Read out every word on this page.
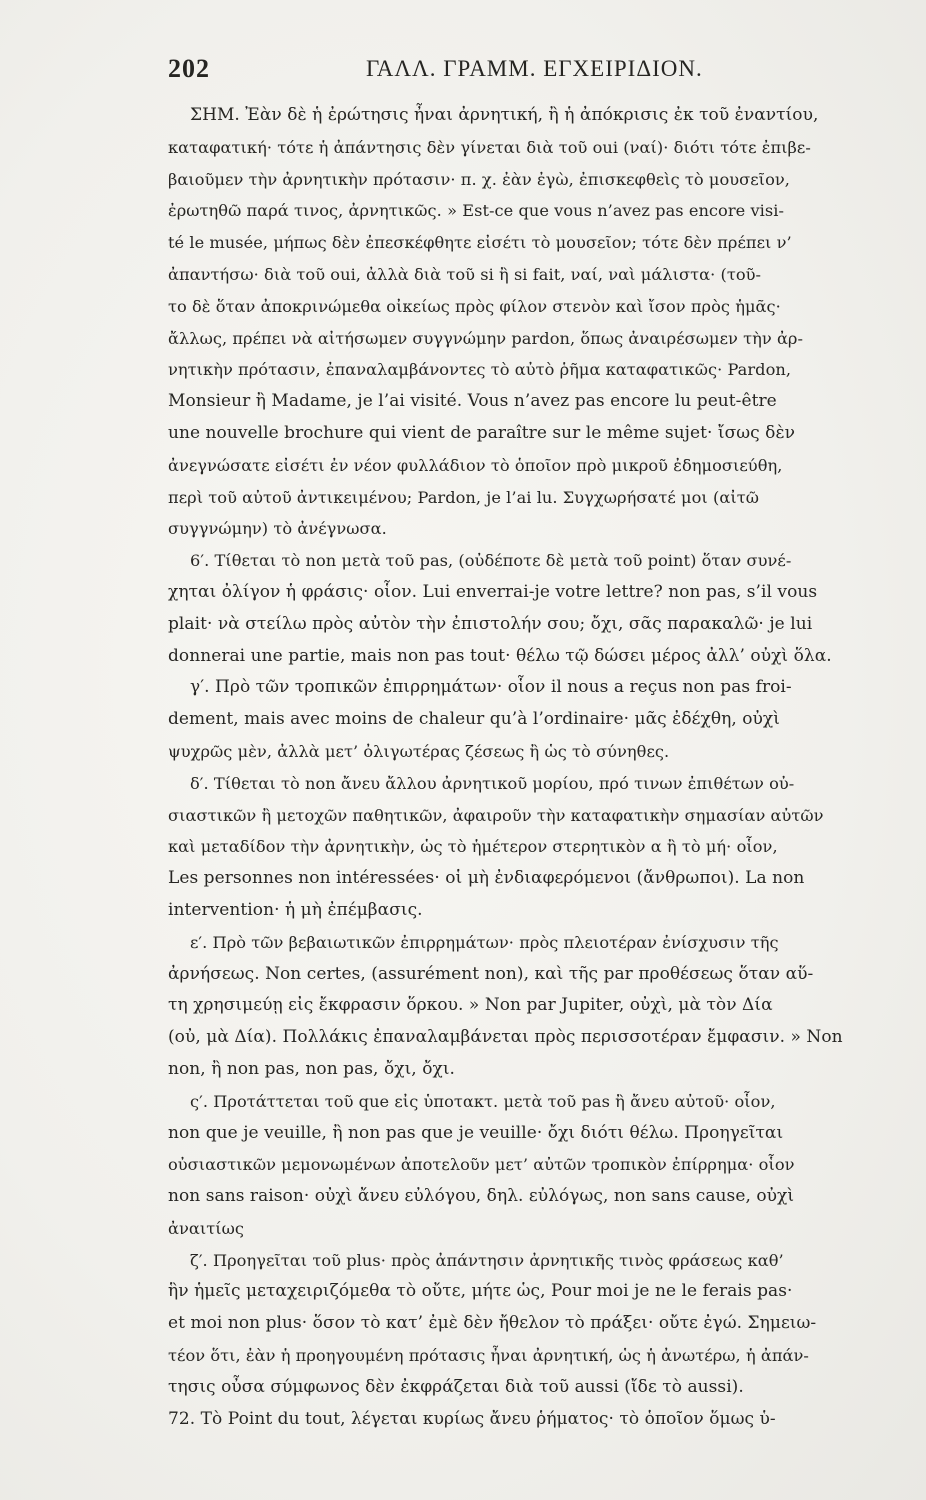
202	ΓΑΛΛ. ΓΡΑΜΜ. ΕΓΧΕΙΡΙΔΙΟΝ.
ΣΗΜ. Ἐὰν δὲ ἡ ἐρώτησις ἦναι ἀρνητική, ἢ ἡ ἀπόκρισις ἐκ τοῦ ἐναντίου,
καταφατική· τότε ἡ ἀπάντησις δὲν γίνεται διὰ τοῦ oui (ναί)· διότι τότε ἐπιβε-
βαιοῦμεν τὴν ἀρνητικὴν πρότασιν· π. χ. ἐὰν ἐγὼ, ἐπισκεφθεὶς τὸ μουσεῖον,
ἐρωτηθῶ παρά τινος, ἀρνητικῶς. » Est-ce que vous n’avez pas encore visi-
té le musée, μήπως δὲν ἐπεσκέφθητε εἰσέτι τὸ μουσεῖον; τότε δὲν πρέπει ν’
ἀπαντήσω· διὰ τοῦ oui, ἀλλὰ διὰ τοῦ si ἢ si fait, ναί, ναὶ μάλιστα· (τοῦ-
το δὲ ὅταν ἀποκρινώμεθα οἰκείως πρὸς φίλον στενὸν καὶ ἴσον πρὸς ἡμᾶς·
ἄλλως, πρέπει νὰ αἰτήσωμεν συγγνώμην pardon, ὅπως ἀναιρέσωμεν τὴν ἀρ-
νητικὴν πρότασιν, ἐπαναλαμβάνοντες τὸ αὐτὸ ῥῆμα καταφατικῶς· Pardon,
Monsieur ἢ Madame, je l’ai visité. Vous n’avez pas encore lu peut-être
une nouvelle brochure qui vient de paraître sur le même sujet· ἴσως δὲν
ἀνεγνώσατε εἰσέτι ἐν νέον φυλλάδιον τὸ ὁποῖον πρὸ μικροῦ ἐδημοσιεύθη,
περὶ τοῦ αὐτοῦ ἀντικειμένου; Pardon, je l’ai lu. Συγχωρήσατέ μοι (αἰτῶ
συγγνώμην) τὸ ἀνέγνωσα.
6′. Τίθεται τὸ non μετὰ τοῦ pas, (οὐδέποτε δὲ μετὰ τοῦ point) ὅταν συνέ-
χηται ὀλίγον ἡ φράσις· οἷον. Lui enverrai-je votre lettre? non pas, s’il vous
plait· νὰ στείλω πρὸς αὐτὸν τὴν ἐπιστολήν σου; ὄχι, σᾶς παρακαλῶ· je lui
donnerai une partie, mais non pas tout· θέλω τῷ δώσει μέρος ἀλλ’ οὐχὶ ὅλα.
γ′. Πρὸ τῶν τροπικῶν ἐπιρρημάτων· οἷον il nous a reçus non pas froi-
dement, mais avec moins de chaleur qu’à l’ordinaire· μᾶς ἐδέχθη, οὐχὶ
ψυχρῶς μὲν, ἀλλὰ μετ’ ὀλιγωτέρας ζέσεως ἢ ὡς τὸ σύνηθες.
δ′. Τίθεται τὸ non ἄνευ ἄλλου ἀρνητικοῦ μορίου, πρό τινων ἐπιθέτων οὐ-
σιαστικῶν ἢ μετοχῶν παθητικῶν, ἀφαιροῦν τὴν καταφατικὴν σημασίαν αὐτῶν
καὶ μεταδίδον τὴν ἀρνητικὴν, ὡς τὸ ἡμέτερον στερητικὸν α ἢ τὸ μή· οἷον,
Les personnes non intéressées· οἱ μὴ ἐνδιαφερόμενοι (ἄνθρωποι). La non
intervention· ἡ μὴ ἐπέμβασις.
ε′. Πρὸ τῶν βεβαιωτικῶν ἐπιρρημάτων· πρὸς πλειοτέραν ἐνίσχυσιν τῆς
ἀρνήσεως. Non certes, (assurément non), καὶ τῆς par προθέσεως ὅταν αὕ-
τη χρησιμεύῃ εἰς ἔκφρασιν ὅρκου. » Non par Jupiter, οὐχὶ, μὰ τὸν Δία
(οὐ, μὰ Δία). Πολλάκις ἐπαναλαμβάνεται πρὸς περισσοτέραν ἔμφασιν. » Non
non, ἢ non pas, non pas, ὄχι, ὄχι.
ς′. Προτάττεται τοῦ que εἰς ὑποτακτ. μετὰ τοῦ pas ἢ ἄνευ αὐτοῦ· οἷον,
non que je veuille, ἢ non pas que je veuille· ὄχι διότι θέλω. Προηγεῖται
οὐσιαστικῶν μεμονωμένων ἀποτελοῦν μετ’ αὐτῶν τροπικὸν ἐπίρρημα· οἷον
non sans raison· οὐχὶ ἄνευ εὐλόγου, δηλ. εὐλόγως, non sans cause, οὐχὶ
ἀναιτίως
ζ′. Προηγεῖται τοῦ plus· πρὸς ἀπάντησιν ἀρνητικῆς τινὸς φράσεως καθ’
ἣν ἡμεῖς μεταχειριζόμεθα τὸ οὔτε, μήτε ὡς, Pour moi je ne le ferais pas·
et moi non plus· ὅσον τὸ κατ’ ἐμὲ δὲν ἤθελον τὸ πράξει· οὔτε ἐγώ. Σημειω-
τέον ὅτι, ἐὰν ἡ προηγουμένη πρότασις ἦναι ἀρνητική, ὡς ἡ ἀνωτέρω, ἡ ἀπάν-
τησις οὖσα σύμφωνος δὲν ἐκφράζεται διὰ τοῦ aussi (ἴδε τὸ aussi).
72. Τὸ Point du tout, λέγεται κυρίως ἄνευ ῥήματος· τὸ ὁποῖον ὅμως ὑ-
